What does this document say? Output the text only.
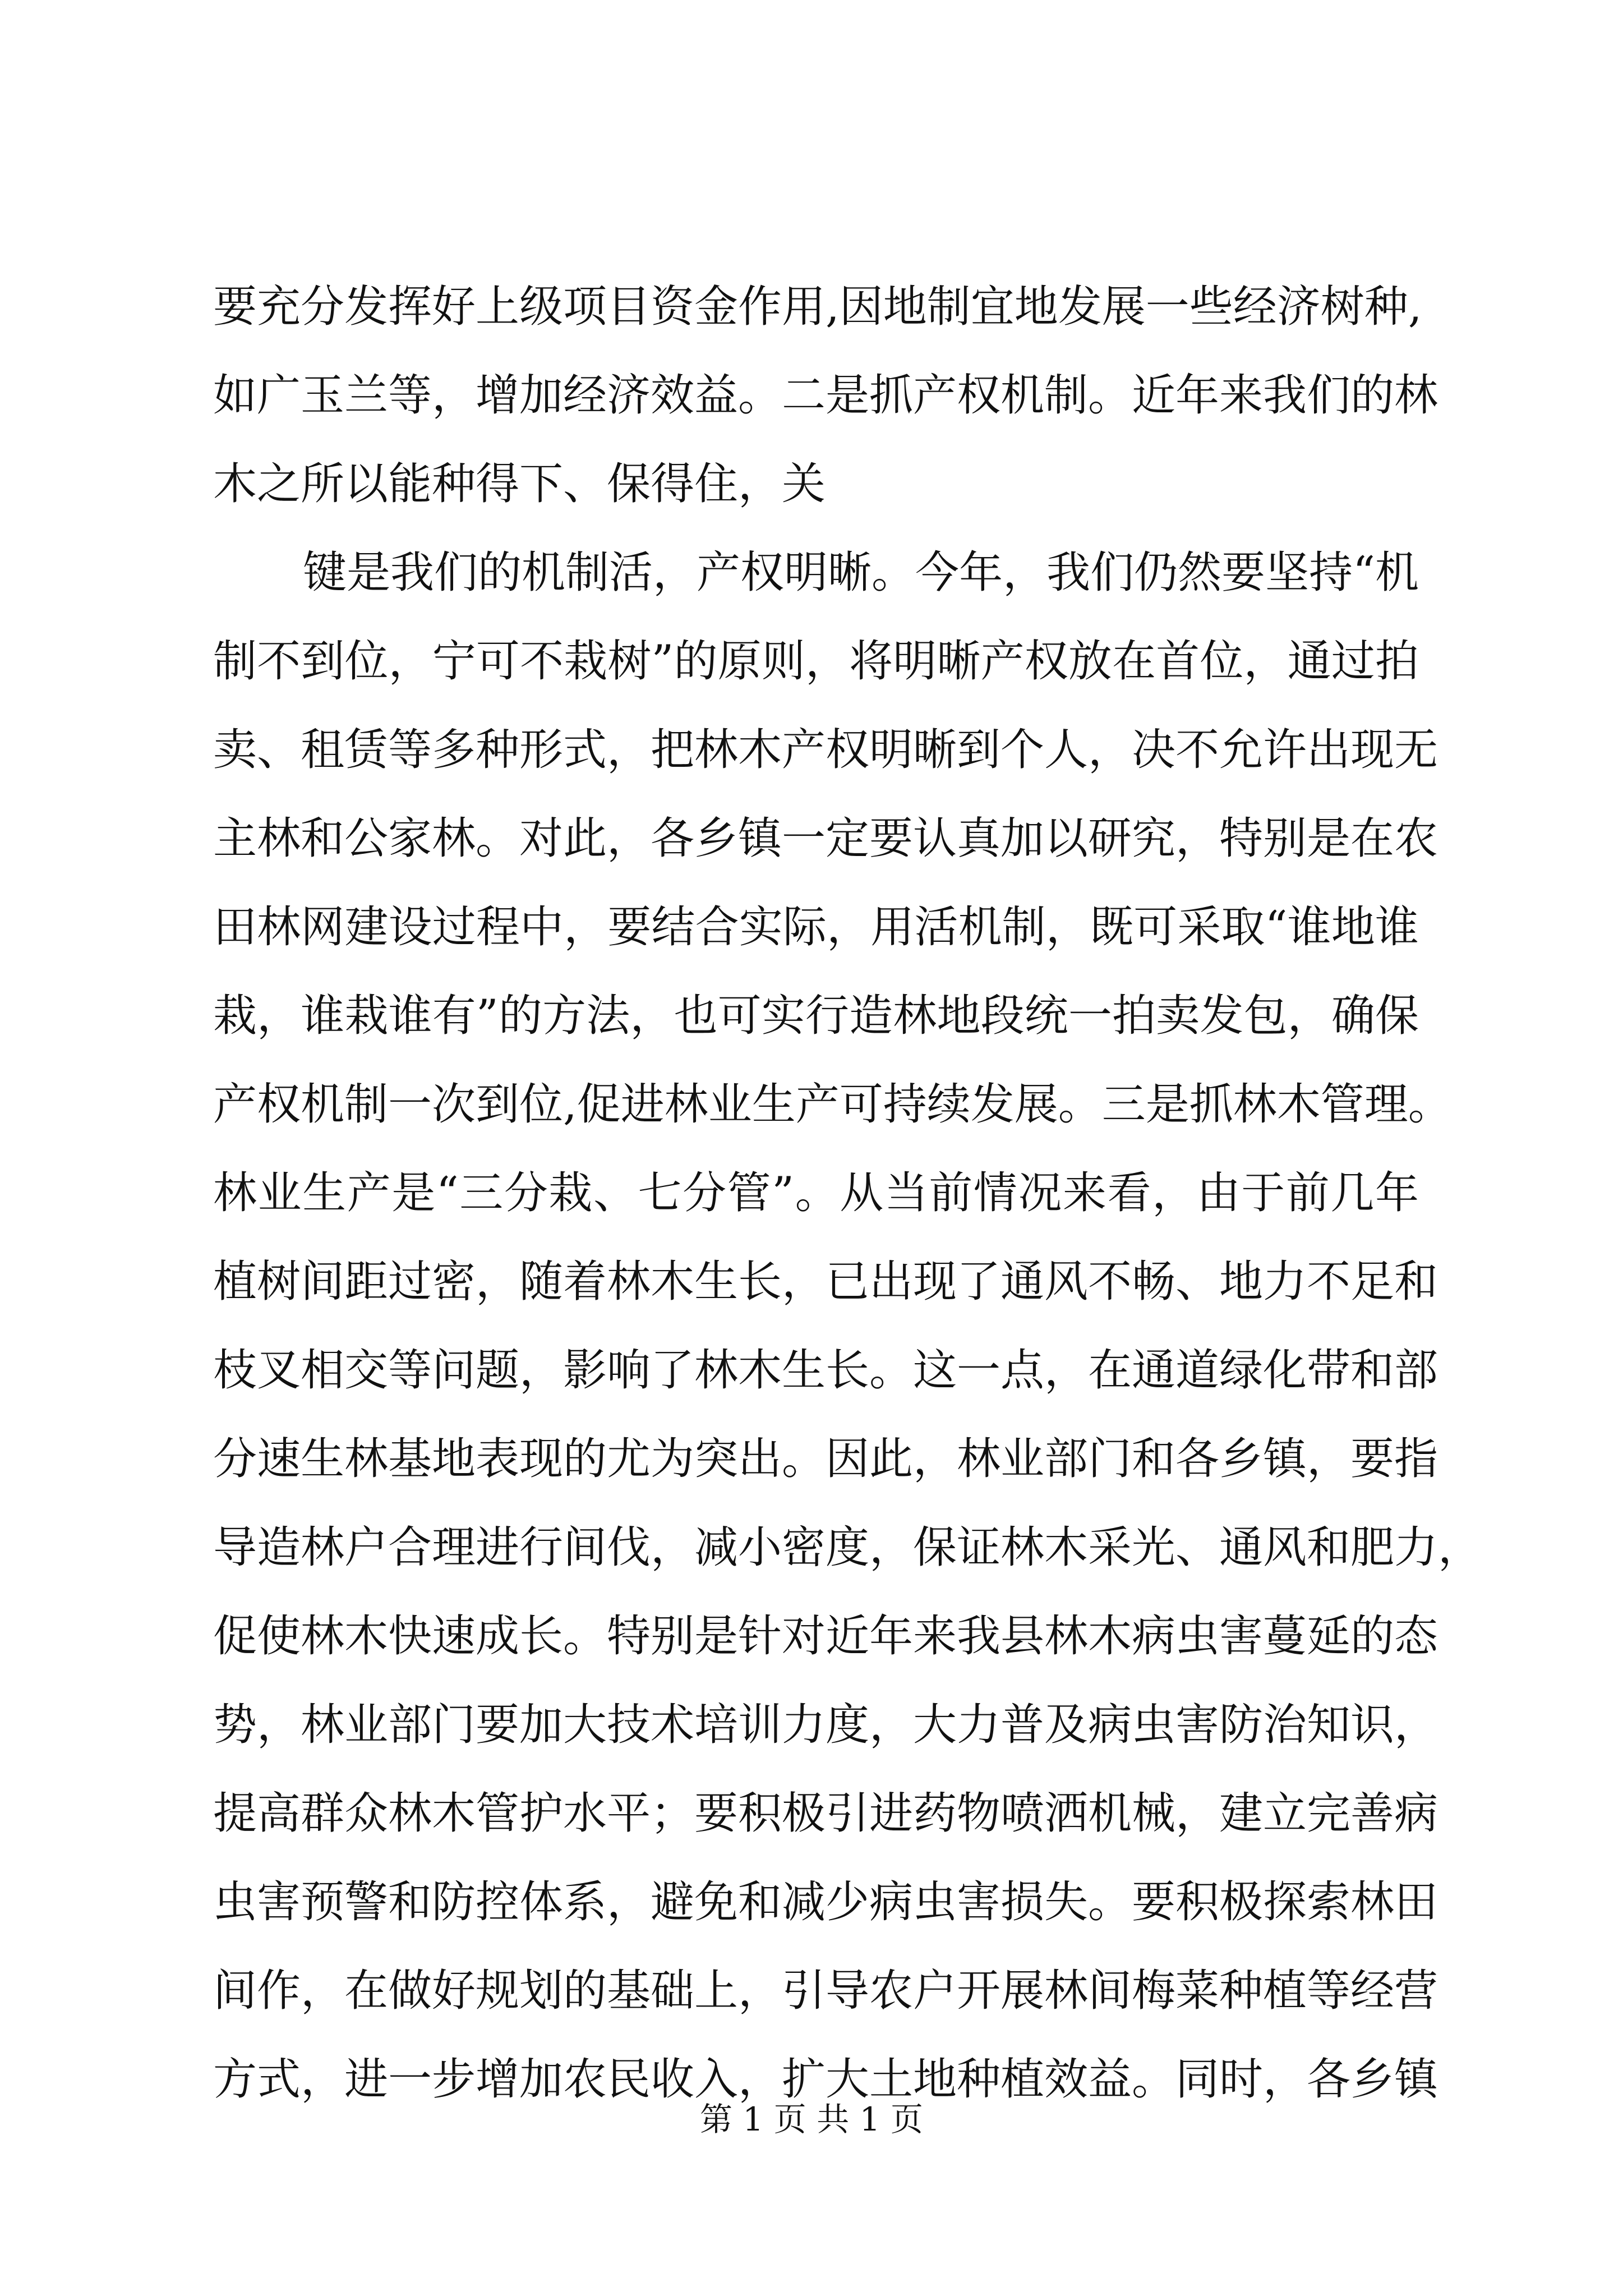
要充分发挥好上级项目资金作用,因地制宜地发展一些经济树种,
如广玉兰等，增加经济效益。二是抓产权机制。近年来我们的林
木之所以能种得下、保得住，关
键是我们的机制活，产权明晰。今年，我们仍然要坚持“机
制不到位，宁可不栽树”的原则，将明晰产权放在首位，通过拍
卖、租赁等多种形式，把林木产权明晰到个人，决不允许出现无
主林和公家林。对此，各乡镇一定要认真加以研究，特别是在农
田林网建设过程中，要结合实际，用活机制，既可采取“谁地谁
栽，谁栽谁有”的方法，也可实行造林地段统一拍卖发包，确保
产权机制一次到位,促进林业生产可持续发展。三是抓林木管理。
林业生产是“三分栽、七分管”。从当前情况来看，由于前几年
植树间距过密，随着林木生长，已出现了通风不畅、地力不足和
枝叉相交等问题，影响了林木生长。这一点，在通道绿化带和部
分速生林基地表现的尤为突出。因此，林业部门和各乡镇，要指
导造林户合理进行间伐，减小密度，保证林木采光、通风和肥力，
促使林木快速成长。特别是针对近年来我县林木病虫害蔓延的态
势，林业部门要加大技术培训力度，大力普及病虫害防治知识，
提高群众林木管护水平；要积极引进药物喷洒机械，建立完善病
虫害预警和防控体系，避免和减少病虫害损失。要积极探索林田
间作，在做好规划的基础上，引导农户开展林间梅菜种植等经营
方式，进一步增加农民收入，扩大土地种植效益。同时，各乡镇
第 1 页 共 1 页
